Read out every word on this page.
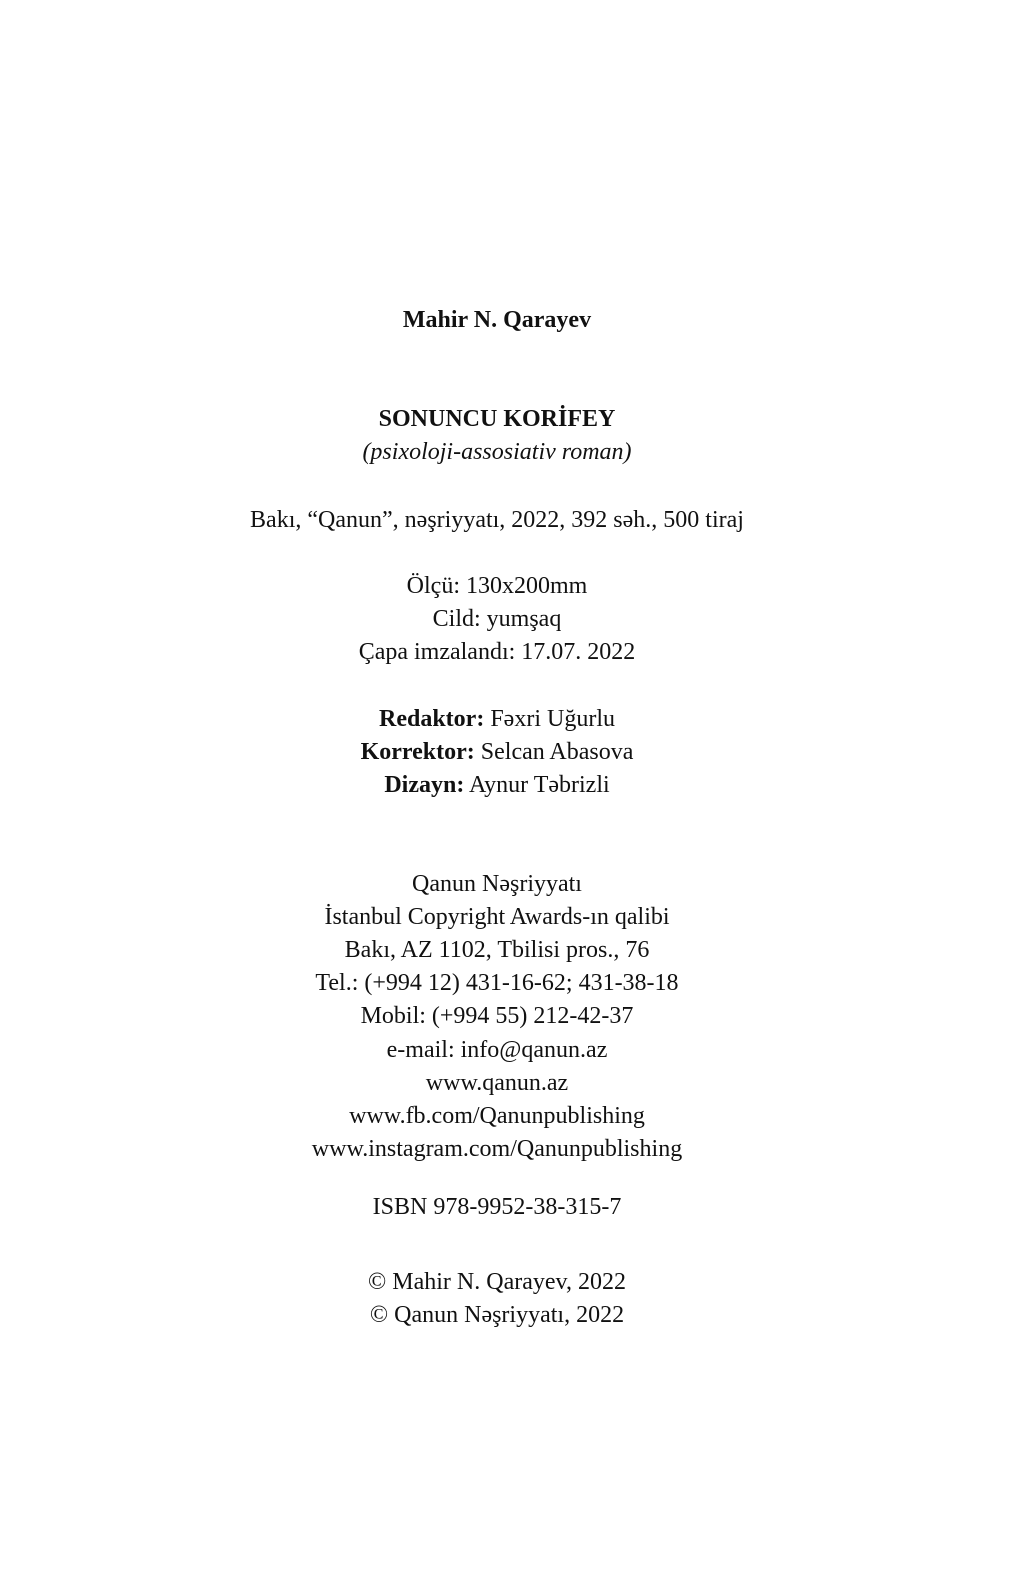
Mahir N. Qarayev
SONUNCU KORİFEY
(psixoloji-assosiativ roman)
Bakı, “Qanun”, nəşriyyatı, 2022, 392 səh., 500 tiraj
Ölçü: 130x200mm
Cild: yumşaq
Çapa imzalandı: 17.07. 2022
Redaktor: Fəxri Uğurlu
Korrektor: Selcan Abasova
Dizayn: Aynur Təbrizli
Qanun Nəşriyyatı
İstanbul Copyright Awards-ın qalibi
Bakı, AZ 1102, Tbilisi pros., 76
Tel.: (+994 12) 431-16-62; 431-38-18
Mobil: (+994 55) 212-42-37
e-mail: info@qanun.az
www.qanun.az
www.fb.com/Qanunpublishing
www.instagram.com/Qanunpublishing
ISBN 978-9952-38-315-7
© Mahir N. Qarayev, 2022
© Qanun Nəşriyyatı, 2022
